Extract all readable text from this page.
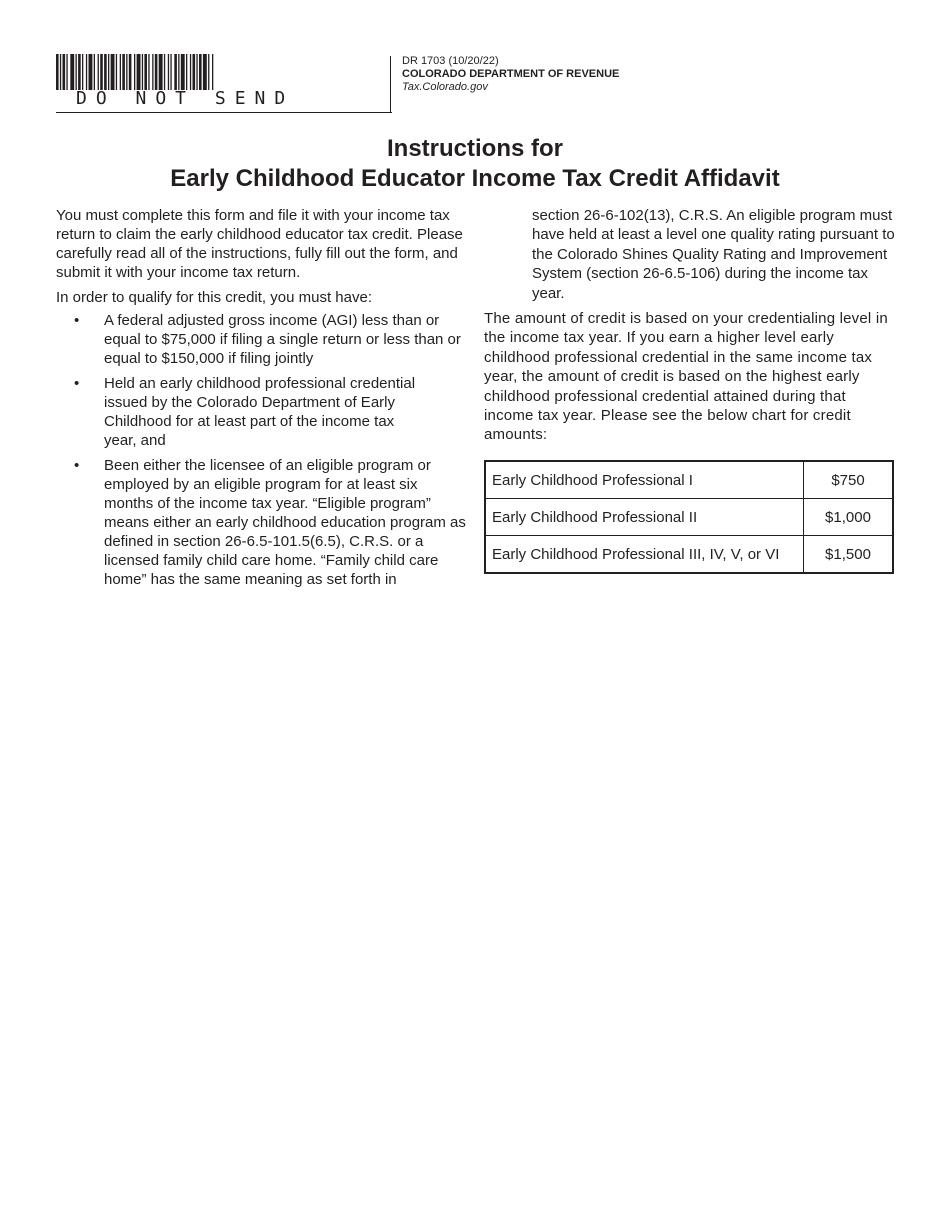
DO NOT SEND
DR 1703 (10/20/22)
COLORADO DEPARTMENT OF REVENUE
Tax.Colorado.gov
Instructions for
Early Childhood Educator Income Tax Credit Affidavit

You must complete this form and file it with your income tax return to claim the early childhood educator tax credit. Please carefully read all of the instructions, fully fill out the form, and submit it with your income tax return.

In order to qualify for this credit, you must have:

• A federal adjusted gross income (AGI) less than or equal to $75,000 if filing a single return or less than or equal to $150,000 if filing jointly
• Held an early childhood professional credential issued by the Colorado Department of Early Childhood for at least part of the income tax year, and
• Been either the licensee of an eligible program or employed by an eligible program for at least six months of the income tax year. “Eligible program” means either an early childhood education program as defined in section 26-6.5-101.5(6.5), C.R.S. or a licensed family child care home. “Family child care home” has the same meaning as set forth in

section 26-6-102(13), C.R.S. An eligible program must have held at least a level one quality rating pursuant to the Colorado Shines Quality Rating and Improvement System (section 26-6.5-106) during the income tax year.

The amount of credit is based on your credentialing level in the income tax year. If you earn a higher level early childhood professional credential in the same income tax year, the amount of credit is based on the highest early childhood professional credential attained during that income tax year. Please see the below chart for credit amounts:

Early Childhood Professional I	$750
Early Childhood Professional II	$1,000
Early Childhood Professional III, IV, V, or VI	$1,500
